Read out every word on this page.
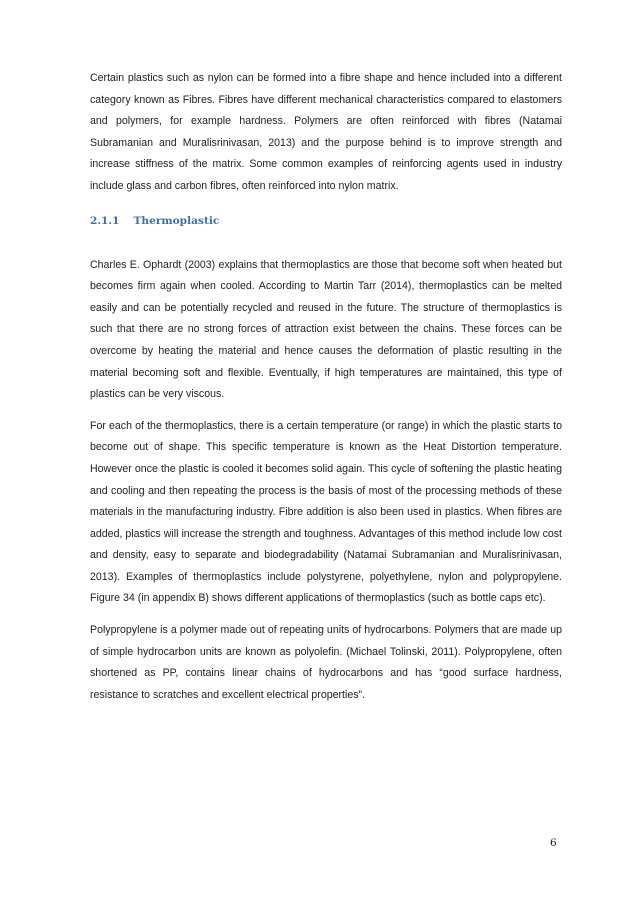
Certain plastics such as nylon can be formed into a fibre shape and hence included into a different category known as Fibres. Fibres have different mechanical characteristics compared to elastomers and polymers, for example hardness. Polymers are often reinforced with fibres (Natamai Subramanian and Muralisrinivasan, 2013) and the purpose behind is to improve strength and increase stiffness of the matrix. Some common examples of reinforcing agents used in industry include glass and carbon fibres, often reinforced into nylon matrix.

2.1.1 Thermoplastic

Charles E. Ophardt (2003) explains that thermoplastics are those that become soft when heated but becomes firm again when cooled. According to Martin Tarr (2014), thermoplastics can be melted easily and can be potentially recycled and reused in the future. The structure of thermoplastics is such that there are no strong forces of attraction exist between the chains. These forces can be overcome by heating the material and hence causes the deformation of plastic resulting in the material becoming soft and flexible. Eventually, if high temperatures are maintained, this type of plastics can be very viscous.

For each of the thermoplastics, there is a certain temperature (or range) in which the plastic starts to become out of shape. This specific temperature is known as the Heat Distortion temperature. However once the plastic is cooled it becomes solid again. This cycle of softening the plastic heating and cooling and then repeating the process is the basis of most of the processing methods of these materials in the manufacturing industry. Fibre addition is also been used in plastics. When fibres are added, plastics will increase the strength and toughness. Advantages of this method include low cost and density, easy to separate and biodegradability (Natamai Subramanian and Muralisrinivasan, 2013). Examples of thermoplastics include polystyrene, polyethylene, nylon and polypropylene. Figure 34 (in appendix B) shows different applications of thermoplastics (such as bottle caps etc).

Polypropylene is a polymer made out of repeating units of hydrocarbons. Polymers that are made up of simple hydrocarbon units are known as polyolefin. (Michael Tolinski, 2011). Polypropylene, often shortened as PP, contains linear chains of hydrocarbons and has “good surface hardness, resistance to scratches and excellent electrical properties”.

6
